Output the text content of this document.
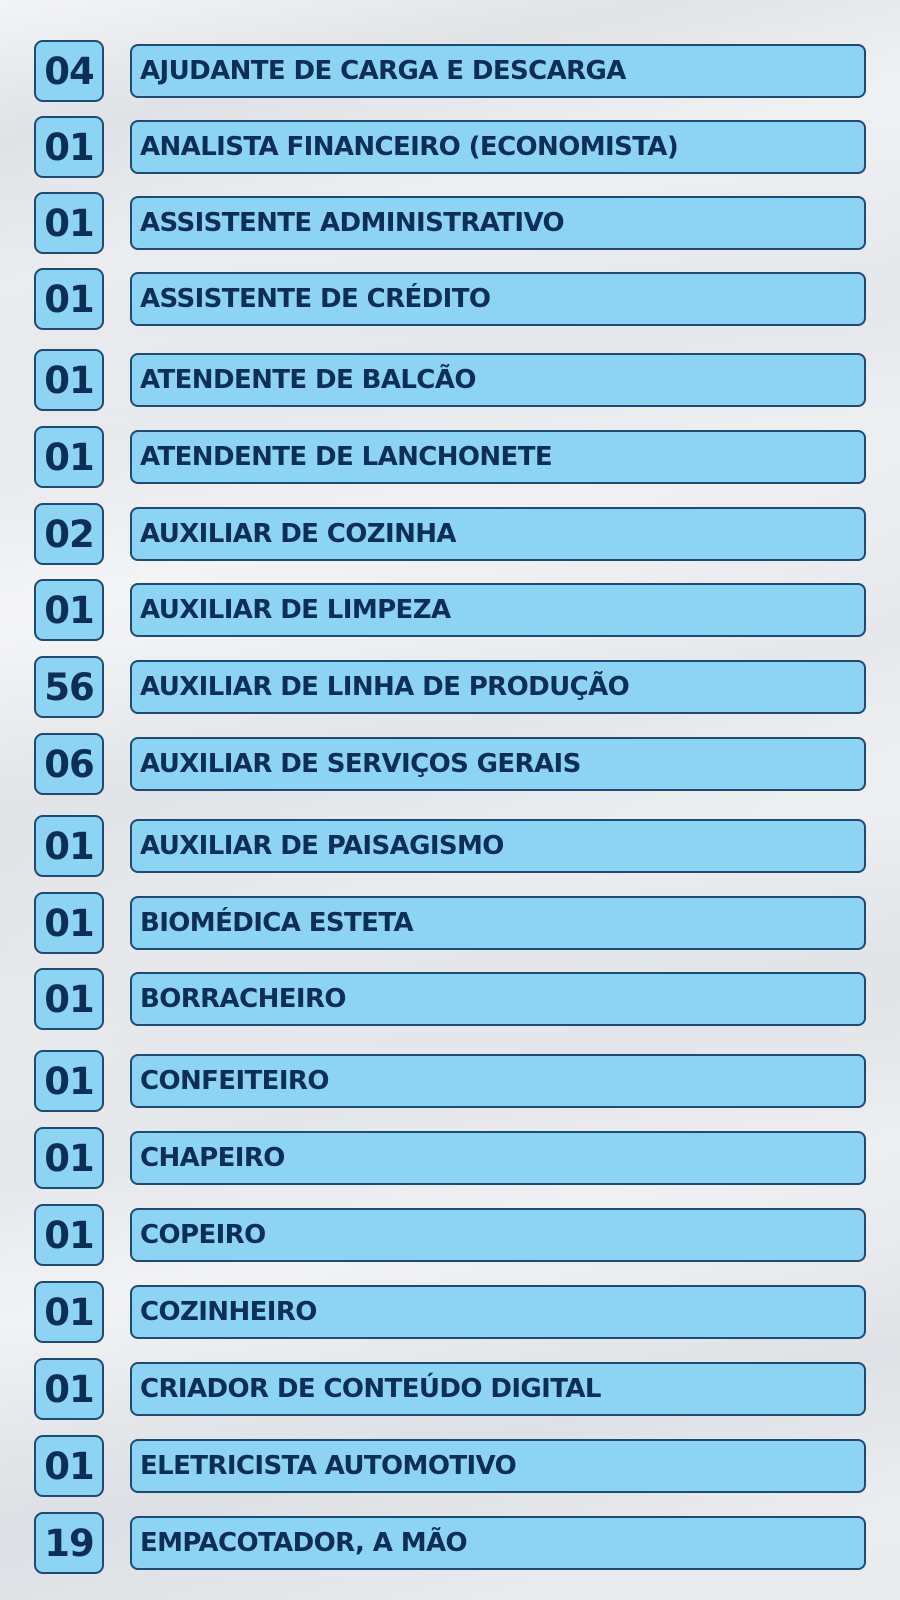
04	AJUDANTE DE CARGA E DESCARGA
01	ANALISTA FINANCEIRO (ECONOMISTA)
01	ASSISTENTE ADMINISTRATIVO
01	ASSISTENTE DE CRÉDITO
01	ATENDENTE DE BALCÃO
01	ATENDENTE DE LANCHONETE
02	AUXILIAR DE COZINHA
01	AUXILIAR DE LIMPEZA
56	AUXILIAR DE LINHA DE PRODUÇÃO
06	AUXILIAR DE SERVIÇOS GERAIS
01	AUXILIAR DE PAISAGISMO
01	BIOMÉDICA ESTETA
01	BORRACHEIRO
01	CONFEITEIRO
01	CHAPEIRO
01	COPEIRO
01	COZINHEIRO
01	CRIADOR DE CONTEÚDO DIGITAL
01	ELETRICISTA AUTOMOTIVO
19	EMPACOTADOR, A MÃO
